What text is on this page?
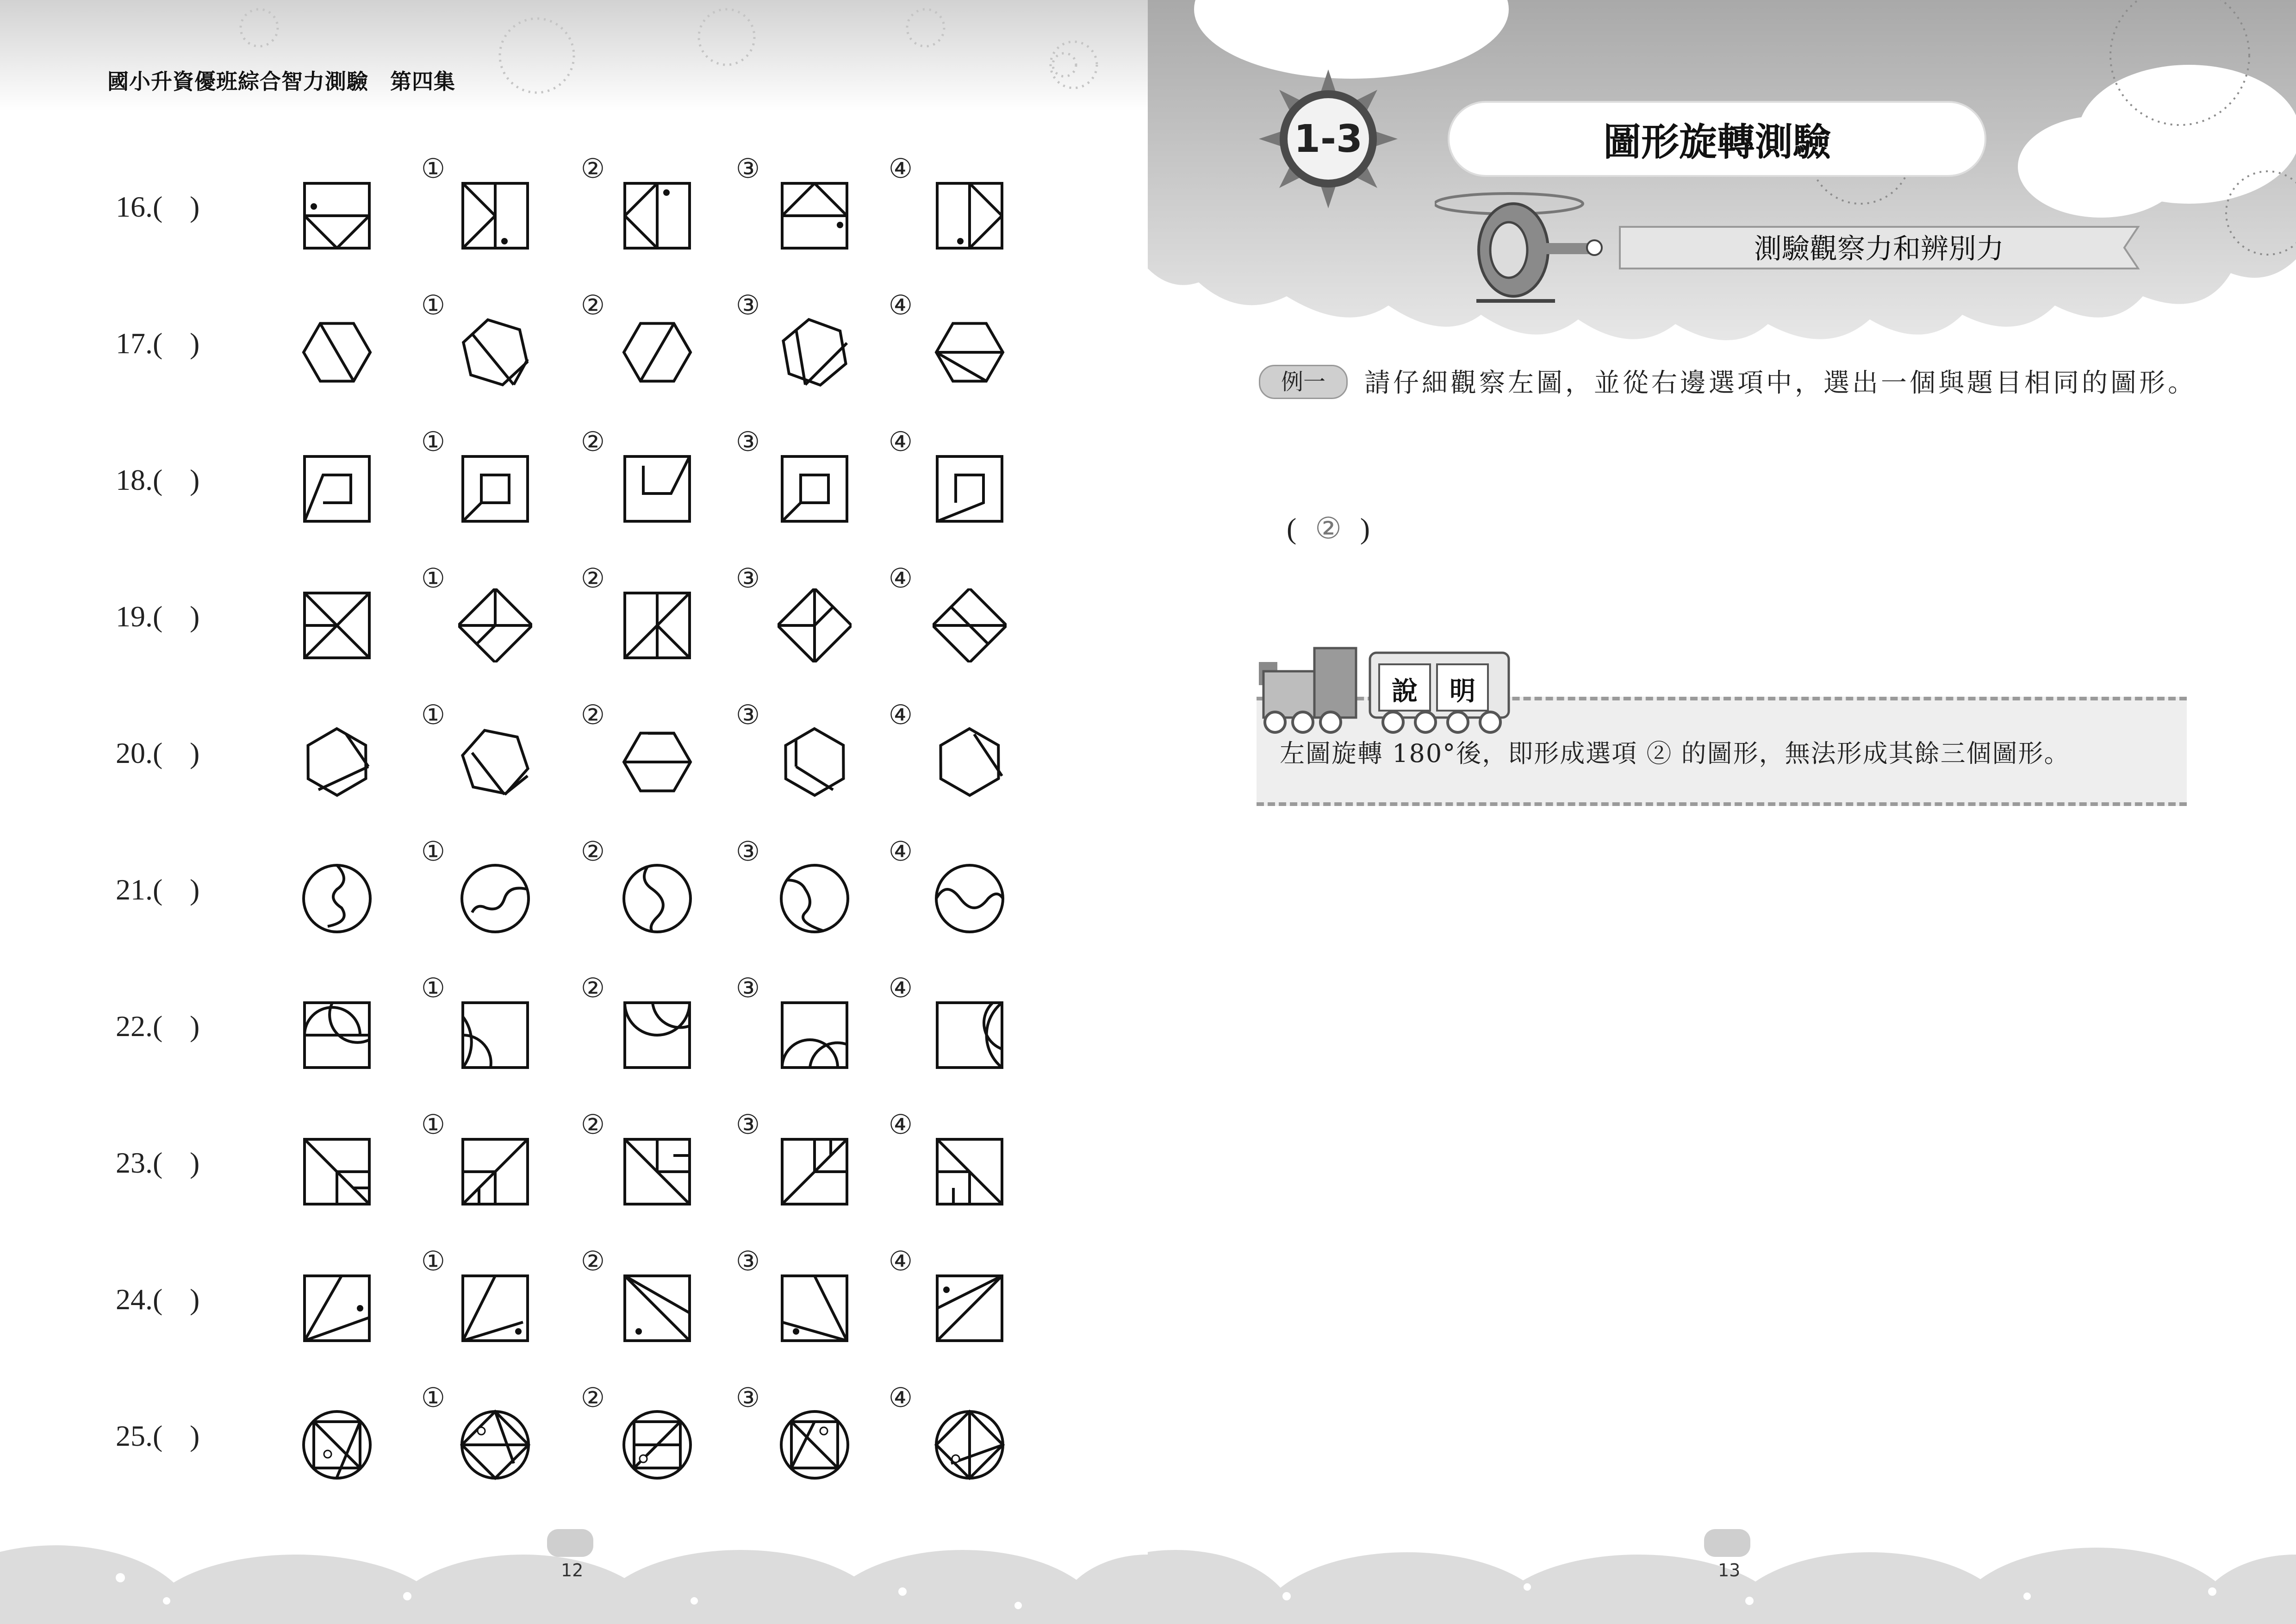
國小升資優班綜合智力測驗　第四集
16.( )
①	②	③	④
17.( )
①	②	③	④
18.( )
①	②	③	④
19.( )
①	②	③	④
20.( )
①	②	③	④
21.( )
①	②	③	④
22.( )
①	②	③	④
23.( )
①	②	③	④
24.( )
①	②	③	④
25.( )
①	②	③	④
12
1-3	圖形旋轉測驗
測驗觀察力和辨別力
例一	請仔細觀察左圖，並從右邊選項中，選出一個與題目相同的圖形。
( ② )
說 明
左圖旋轉 180°後，即形成選項 ② 的圖形，無法形成其餘三個圖形。
13
